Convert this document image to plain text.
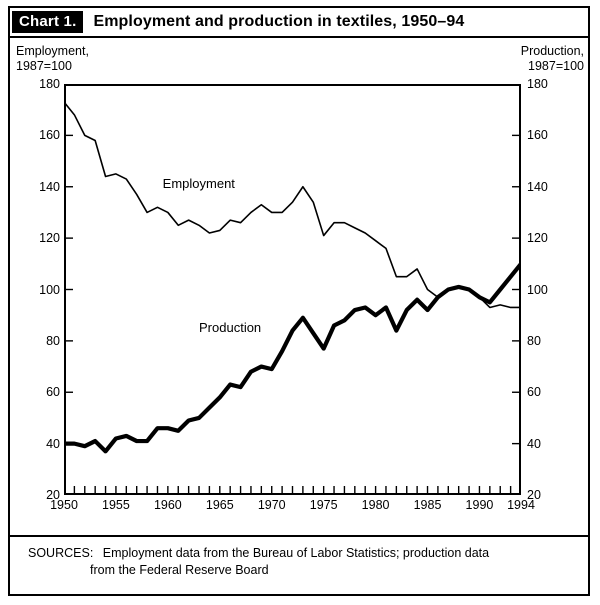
Chart 1.	Employment and production in textiles, 1950–94
Employment,
1987=100
Production,
1987=100
20
40
60
80
100
120
140
160
180
20
40
60
80
100
120
140
160
180
Employment
Production
1950 1955 1960 1965 1970 1975 1980 1985 1990 1994
SOURCES: Employment data from the Bureau of Labor Statistics; production data
from the Federal Reserve Board
